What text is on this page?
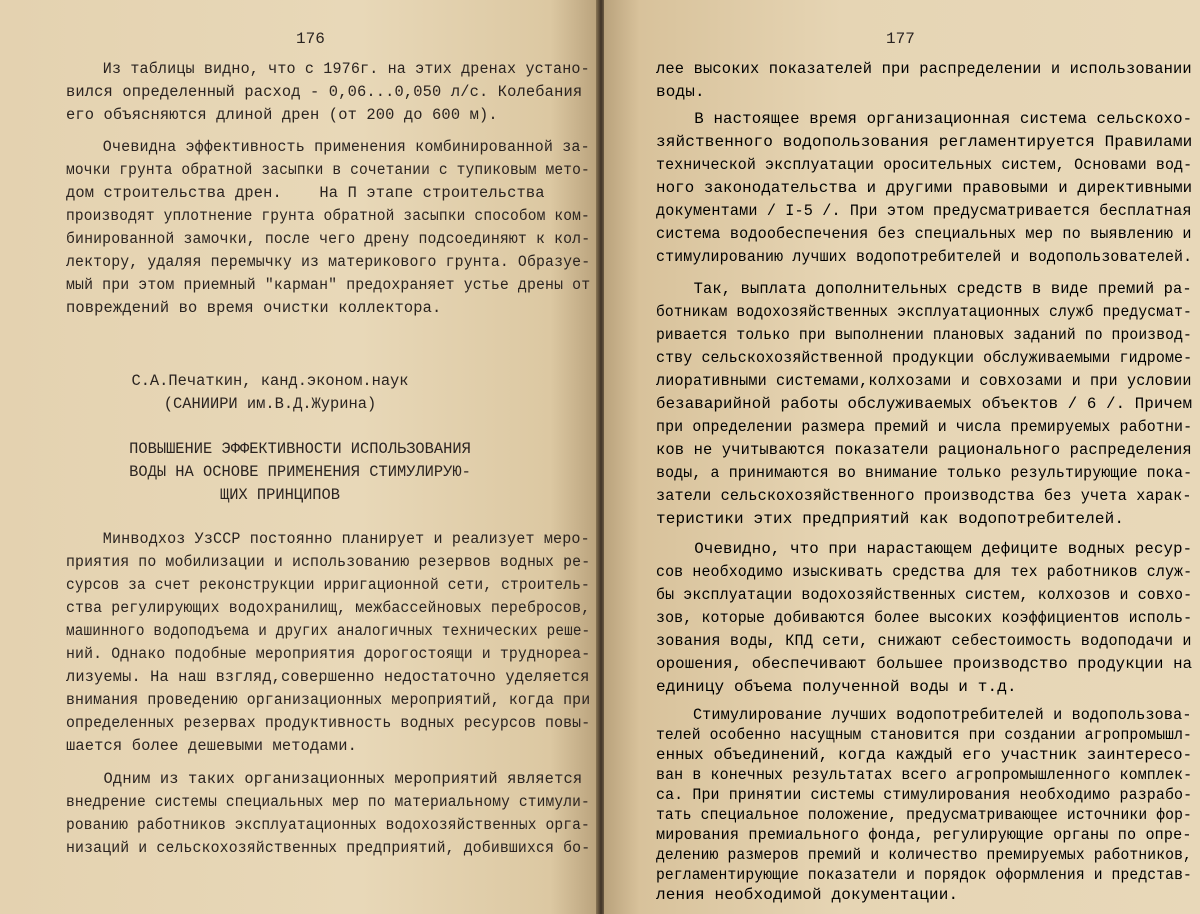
176
Из таблицы видно, что с 1976г. на этих дренах устано-
вился определенный расход - 0,06...0,050 л/с. Колебания
его объясняются длиной дрен (от 200 до 600 м).
Очевидна эффективность применения комбинированной за-
мочки грунта обратной засыпки в сочетании с тупиковым мето-
дом строительства дрен.    На П этапе строительства
производят уплотнение грунта обратной засыпки способом ком-
бинированной замочки, после чего дрену подсоединяют к кол-
лектору, удаляя перемычку из материкового грунта. Образуе-
мый при этом приемный "карман" предохраняет устье дрены от
повреждений во время очистки коллектора.
С.А.Печаткин, канд.эконом.наук
(САНИИРИ им.В.Д.Журина)
ПОВЫШЕНИЕ ЭФФЕКТИВНОСТИ ИСПОЛЬЗОВАНИЯ
ВОДЫ НА ОСНОВЕ ПРИМЕНЕНИЯ СТИМУЛИРУЮ-
ЩИХ ПРИНЦИПОВ
Минводхоз УзССР постоянно планирует и реализует меро-
приятия по мобилизации и использованию резервов водных ре-
сурсов за счет реконструкции ирригационной сети, строитель-
ства регулирующих водохранилищ, межбассейновых перебросов,
машинного водоподъема и других аналогичных технических реше-
ний. Однако подобные мероприятия дорогостоящи и труднореа-
лизуемы. На наш взгляд,совершенно недостаточно уделяется
внимания проведению организационных мероприятий, когда при
определенных резервах продуктивность водных ресурсов повы-
шается более дешевыми методами.
Одним из таких организационных мероприятий является
внедрение системы специальных мер по материальному стимули-
рованию работников эксплуатационных водохозяйственных орга-
низаций и сельскохозяйственных предприятий, добившихся бо-
177
лее высоких показателей при распределении и использовании
воды.
В настоящее время организационная система сельскохо-
зяйственного водопользования регламентируется Правилами
технической эксплуатации оросительных систем, Основами вод-
ного законодательства и другими правовыми и директивными
документами / I-5 /. При этом предусматривается бесплатная
система водообеспечения без специальных мер по выявлению и
стимулированию лучших водопотребителей и водопользователей.
Так, выплата дополнительных средств в виде премий ра-
ботникам водохозяйственных эксплуатационных служб предусмат-
ривается только при выполнении плановых заданий по производ-
ству сельскохозяйственной продукции обслуживаемыми гидроме-
лиоративными системами,колхозами и совхозами и при условии
безаварийной работы обслуживаемых объектов / 6 /. Причем
при определении размера премий и числа премируемых работни-
ков не учитываются показатели рационального распределения
воды, а принимаются во внимание только результирующие пока-
затели сельскохозяйственного производства без учета харак-
теристики этих предприятий как водопотребителей.
Очевидно, что при нарастающем дефиците водных ресур-
сов необходимо изыскивать средства для тех работников служ-
бы эксплуатации водохозяйственных систем, колхозов и совхо-
зов, которые добиваются более высоких коэффициентов исполь-
зования воды, КПД сети, снижают себестоимость водоподачи и
орошения, обеспечивают большее производство продукции на
единицу объема полученной воды и т.д.
Стимулирование лучших водопотребителей и водопользова-
телей особенно насущным становится при создании агропромышл-
енных объединений, когда каждый его участник заинтересо-
ван в конечных результатах всего агропромышленного комплек-
са. При принятии системы стимулирования необходимо разрабо-
тать специальное положение, предусматривающее источники фор-
мирования премиального фонда, регулирующие органы по опре-
делению размеров премий и количество премируемых работников,
регламентирующие показатели и порядок оформления и представ-
ления необходимой документации.
